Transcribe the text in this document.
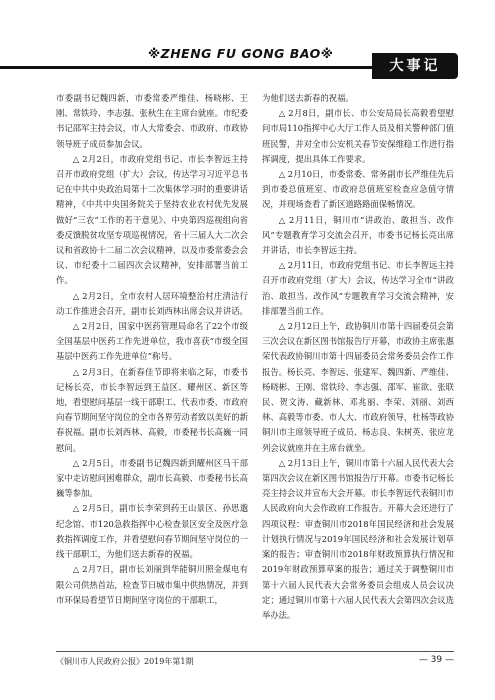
※ZHENG FU GONG BAO※
大事记

市委副书记魏四新，市委常委严维佳、杨晓彬、王刚、常铁玲、李志强、张秋生在主席台就座。市纪委书记邵军主持会议，市人大常委会、市政府、市政协领导班子成员参加会议。

△ 2月2日，市政府党组书记、市长李智远主持召开市政府党组（扩大）会议，传达学习习近平总书记在中共中央政治局第十二次集体学习时的重要讲话精神，《中共中央国务院关于坚持农业农村优先发展做好“三农”工作的若干意见》、中央第四巡视组向省委反馈脱贫攻坚专项巡视情况，省十三届人大二次会议和省政协十二届二次会议精神，以及市委常委会会议、市纪委十二届四次会议精神，安排部署当前工作。

△ 2月2日，全市农村人居环境整治村庄清洁行动工作推进会召开，副市长刘西林出席会议并讲话。

△ 2月2日，国家中医药管理局命名了22个市级全国基层中医药工作先进单位，我市喜获“市级全国基层中医药工作先进单位”称号。

△ 2月3日，在新春佳节即将来临之际，市委书记杨长亮，市长李智远到王益区、耀州区、新区等地，看望慰问基层一线干部职工、代表市委、市政府向春节期间坚守岗位的全市各界劳动者致以美好的新春祝福。副市长刘西林、高毅，市委秘书长高巍一同慰问。

△ 2月5日，市委副书记魏四新到耀州区马干部家中走访慰问困难群众，副市长高毅、市委秘书长高巍等参加。

△ 2月5日，副市长李荣到药王山景区、孙思邈纪念馆、市120急救指挥中心检查景区安全及医疗急救指挥调度工作，并看望慰问春节期间坚守岗位的一线干部职工，为他们送去新春的祝福。

△ 2月7日，副市长刘丽到华能铜川照金煤电有限公司供热首站，检查节日城市集中供热情况，并到市环保局看望节日期间坚守岗位的干部职工，

为他们送去新春的祝福。

△ 2月8日，副市长、市公安局局长高毅看望慰问市局110指挥中心大厅工作人员及相关警种部门值班民警，并对全市公安机关春节安保维稳工作进行指挥调度，提出具体工作要求。

△ 2月10日，市委常委、常务副市长严维佳先后到市委总值班室、市政府总值班室检查应急值守情况，并现场查看了新区道路路面保畅情况。

△ 2月11日，铜川市“讲政治、敢担当、改作风”专题教育学习交流会召开，市委书记杨长亮出席并讲话，市长李智远主持。

△ 2月11日，市政府党组书记、市长李智远主持召开市政府党组（扩大）会议，传达学习全市“讲政治、敢担当、改作风”专题教育学习交流会精神，安排部署当前工作。

△ 2月12日上午，政协铜川市第十四届委员会第三次会议在新区图书馆报告厅开幕，市政协主席张惠荣代表政协铜川市第十四届委员会常务委员会作工作报告。杨长亮、李智远、张建军、魏四新、严维佳、杨晓彬、王刚、常铁玲、李志强、邵军、崔欲、张联民、贺文涛、藏新林、邓兆丽、李荣、刘丽、刘西林、高毅等市委、市人大、市政府领导，杜杨等政协铜川市主席领导班子成员、杨志良、朱树英、张应龙列会议就座并在主席台就坐。

△ 2月13日上午，铜川市第十六届人民代表大会第四次会议在新区图书馆报告厅开幕。市委书记杨长亮主持会议并宣布大会开幕。市长李智远代表铜川市人民政府向大会作政府工作报告。开幕大会还进行了四项议程：审查铜川市2018年国民经济和社会发展计划执行情况与2019年国民经济和社会发展计划草案的报告；审查铜川市2018年财政预算执行情况和2019年财政预算草案的报告；通过关于调整铜川市第十六届人民代表大会常务委员会组成人员会议决定；通过铜川市第十六届人民代表大会第四次会议选举办法。

《铜川市人民政府公报》2019年第1期	— 39 —
